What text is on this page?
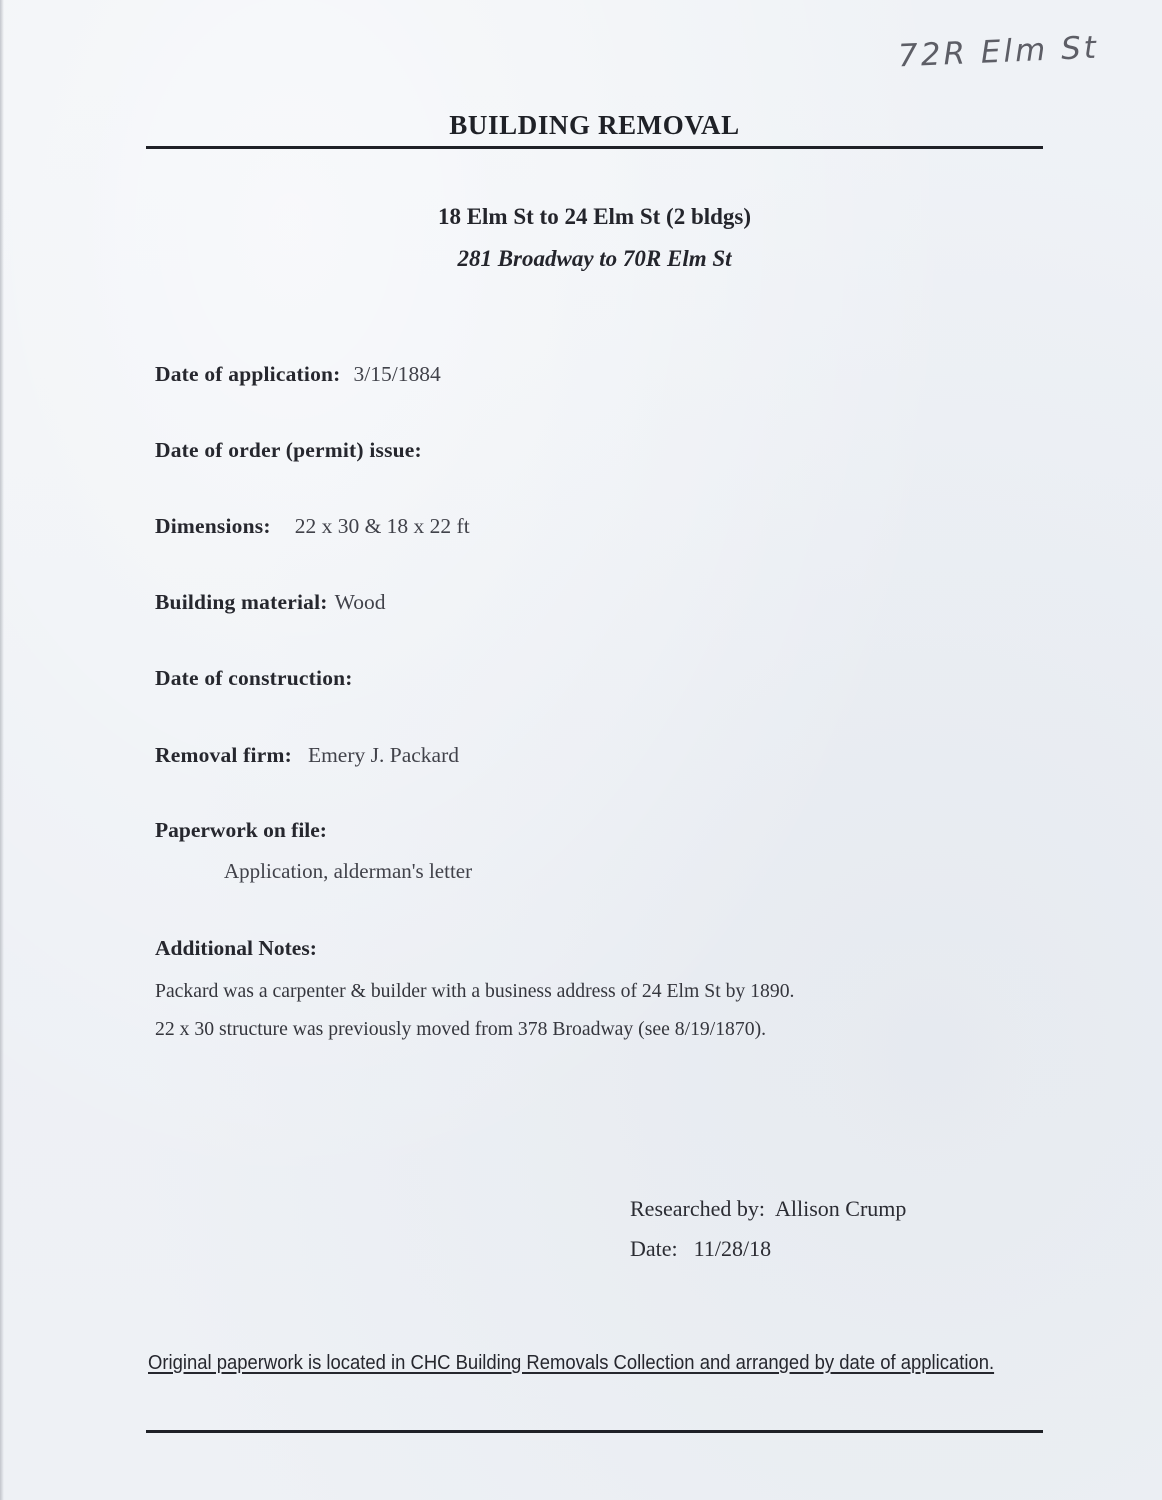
72R Elm St
BUILDING REMOVAL
18 Elm St to 24 Elm St (2 bldgs)
281 Broadway to 70R Elm St
Date of application: 3/15/1884
Date of order (permit) issue:
Dimensions: 22 x 30 & 18 x 22 ft
Building material: Wood
Date of construction:
Removal firm: Emery J. Packard
Paperwork on file:
Application, alderman's letter
Additional Notes:
Packard was a carpenter & builder with a business address of 24 Elm St by 1890.
22 x 30 structure was previously moved from 378 Broadway (see 8/19/1870).
Researched by: Allison Crump
Date: 11/28/18
Original paperwork is located in CHC Building Removals Collection and arranged by date of application.
